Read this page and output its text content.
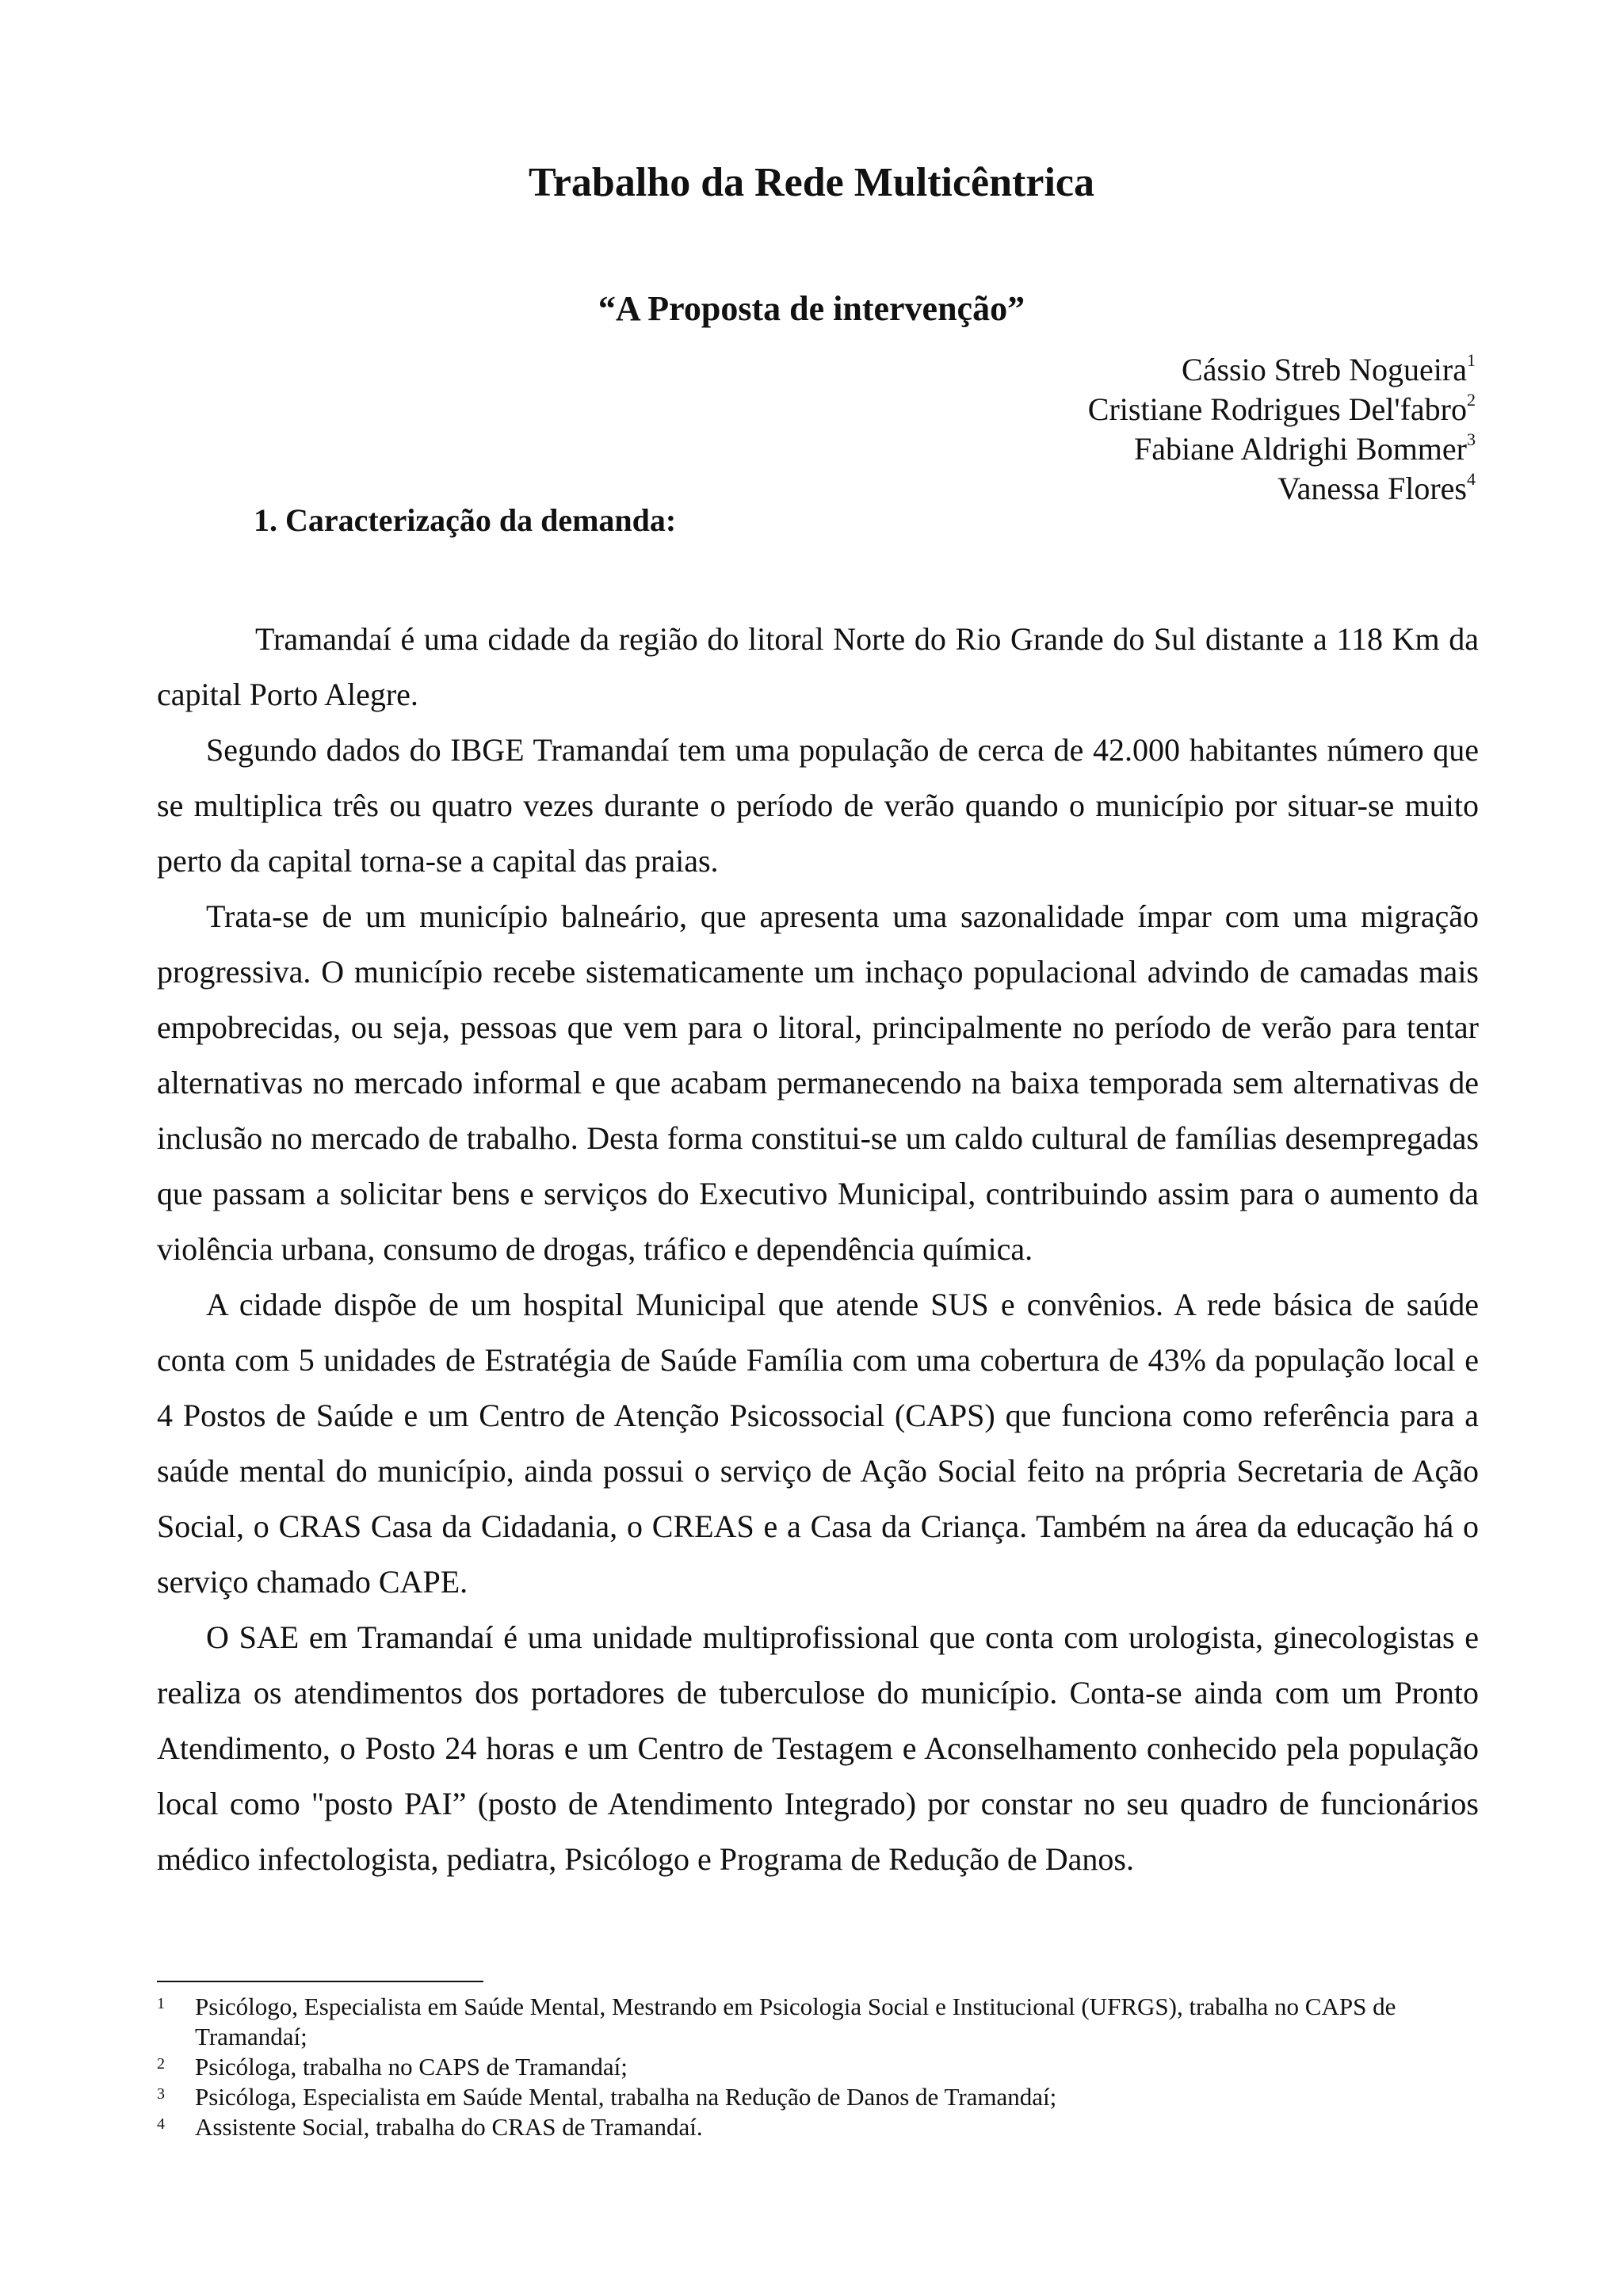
Trabalho da Rede Multicêntrica
“A Proposta de intervenção”
Cássio Streb Nogueira$^1$
Cristiane Rodrigues Del'fabro$^2$
Fabiane Aldrighi Bommer$^3$
Vanessa Flores$^4$
1. Caracterização da demanda:

Tramandaí é uma cidade da região do litoral Norte do Rio Grande do Sul distante a 118 Km da capital Porto Alegre.

Segundo dados do IBGE Tramandaí tem uma população de cerca de 42.000 habitantes número que se multiplica três ou quatro vezes durante o período de verão quando o município por situar-se muito perto da capital torna-se a capital das praias.

Trata-se de um município balneário, que apresenta uma sazonalidade ímpar com uma migração progressiva. O município recebe sistematicamente um inchaço populacional advindo de camadas mais empobrecidas, ou seja, pessoas que vem para o litoral, principalmente no período de verão para tentar alternativas no mercado informal e que acabam permanecendo na baixa temporada sem alternativas de inclusão no mercado de trabalho. Desta forma constitui-se um caldo cultural de famílias desempregadas que passam a solicitar bens e serviços do Executivo Municipal, contribuindo assim para o aumento da violência urbana, consumo de drogas, tráfico e dependência química.

A cidade dispõe de um hospital Municipal que atende SUS e convênios. A rede básica de saúde conta com 5 unidades de Estratégia de Saúde Família com uma cobertura de 43% da população local e 4 Postos de Saúde e um Centro de Atenção Psicossocial (CAPS) que funciona como referência para a saúde mental do município, ainda possui o serviço de Ação Social feito na própria Secretaria de Ação Social, o CRAS Casa da Cidadania, o CREAS e a Casa da Criança. Também na área da educação há o serviço chamado CAPE.

O SAE em Tramandaí é uma unidade multiprofissional que conta com urologista, ginecologistas e realiza os atendimentos dos portadores de tuberculose do município. Conta-se ainda com um Pronto Atendimento, o Posto 24 horas e um Centro de Testagem e Aconselhamento conhecido pela população local como "posto PAI” (posto de Atendimento Integrado) por constar no seu quadro de funcionários médico infectologista, pediatra, Psicólogo e Programa de Redução de Danos.

1	Psicólogo, Especialista em Saúde Mental, Mestrando em Psicologia Social e Institucional (UFRGS), trabalha no CAPS de Tramandaí;
2	Psicóloga, trabalha no CAPS de Tramandaí;
3	Psicóloga, Especialista em Saúde Mental, trabalha na Redução de Danos de Tramandaí;
4	Assistente Social, trabalha do CRAS de Tramandaí.
